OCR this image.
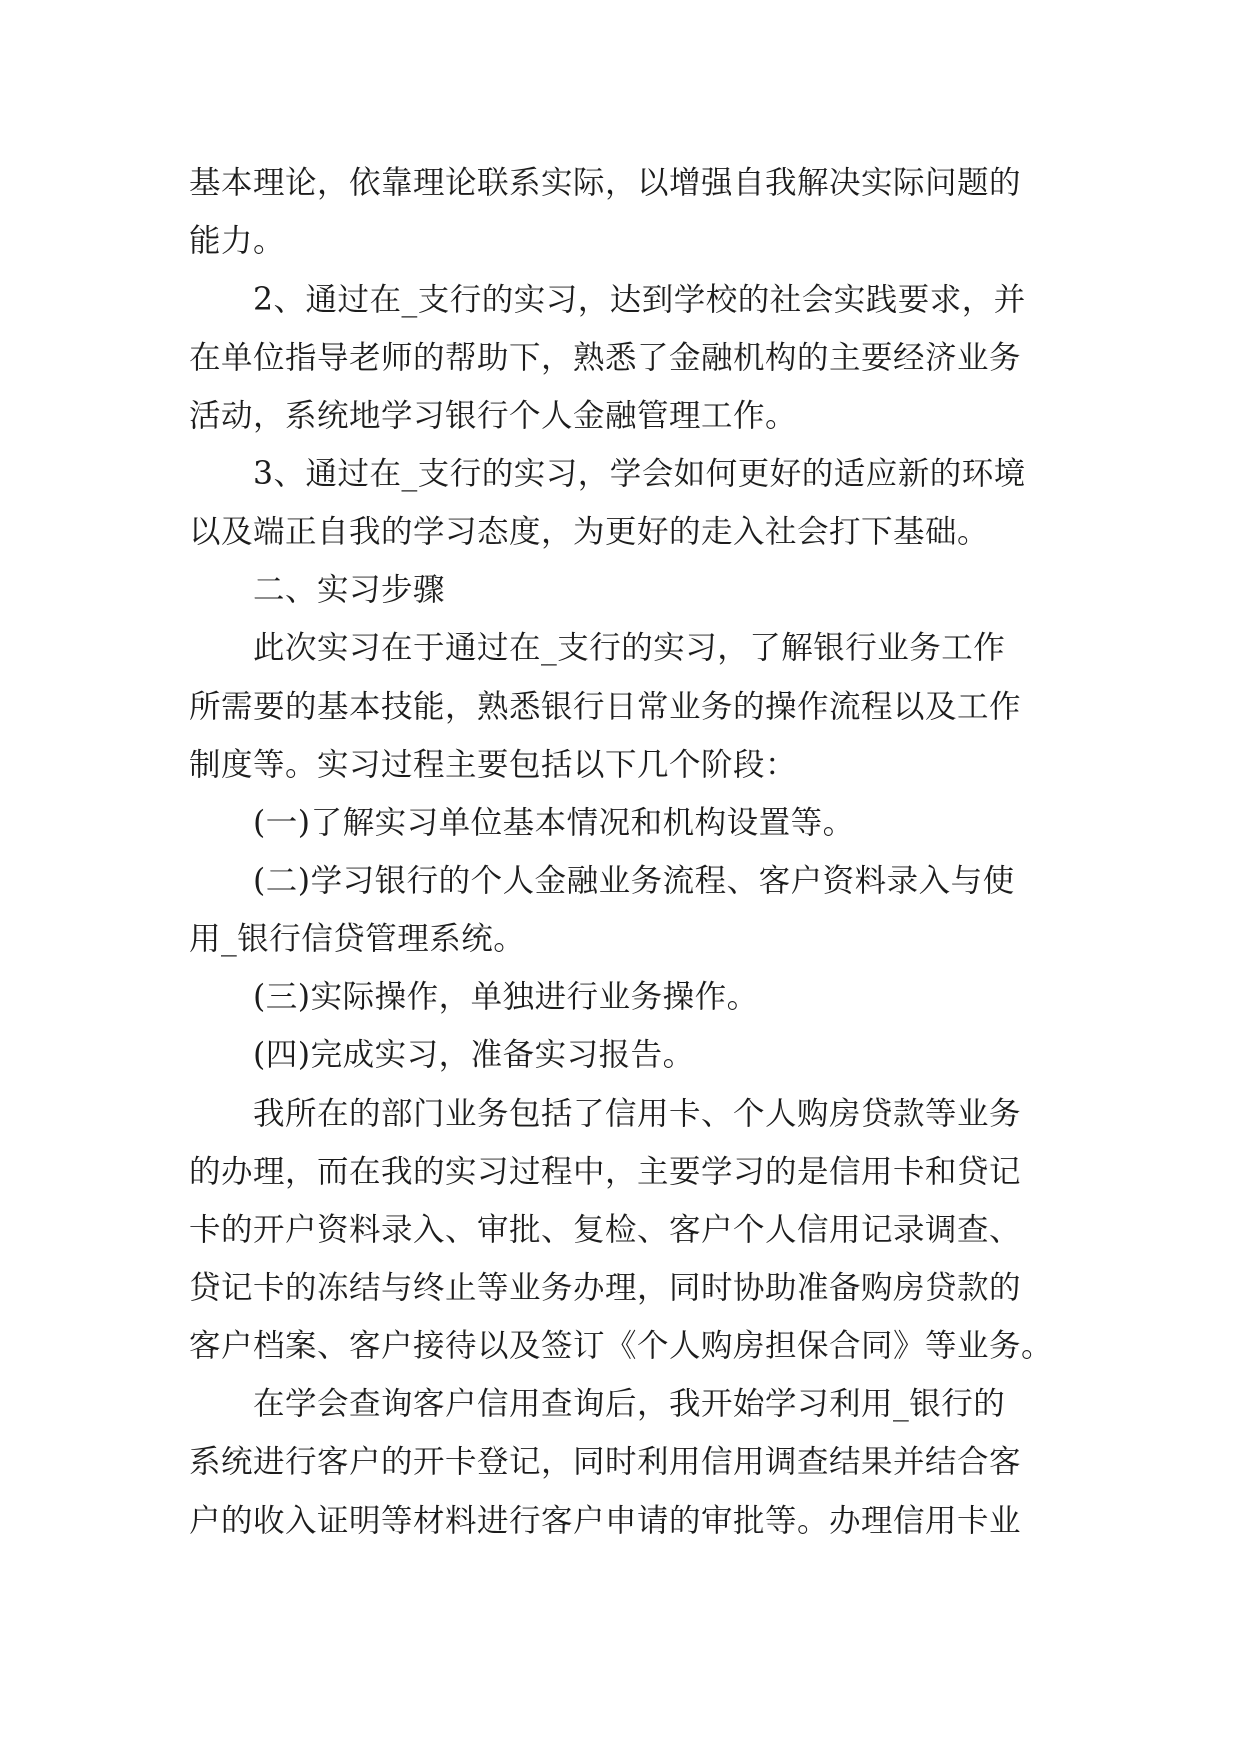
基本理论，依靠理论联系实际，以增强自我解决实际问题的
能力。
2、通过在_支行的实习，达到学校的社会实践要求，并
在单位指导老师的帮助下，熟悉了金融机构的主要经济业务
活动，系统地学习银行个人金融管理工作。
3、通过在_支行的实习，学会如何更好的适应新的环境
以及端正自我的学习态度，为更好的走入社会打下基础。
二、实习步骤
此次实习在于通过在_支行的实习，了解银行业务工作
所需要的基本技能，熟悉银行日常业务的操作流程以及工作
制度等。实习过程主要包括以下几个阶段：
(一)了解实习单位基本情况和机构设置等。
(二)学习银行的个人金融业务流程、客户资料录入与使
用_银行信贷管理系统。
(三)实际操作，单独进行业务操作。
(四)完成实习，准备实习报告。
我所在的部门业务包括了信用卡、个人购房贷款等业务
的办理，而在我的实习过程中，主要学习的是信用卡和贷记
卡的开户资料录入、审批、复检、客户个人信用记录调查、
贷记卡的冻结与终止等业务办理，同时协助准备购房贷款的
客户档案、客户接待以及签订《个人购房担保合同》等业务。
在学会查询客户信用查询后，我开始学习利用_银行的
系统进行客户的开卡登记，同时利用信用调查结果并结合客
户的收入证明等材料进行客户申请的审批等。办理信用卡业
